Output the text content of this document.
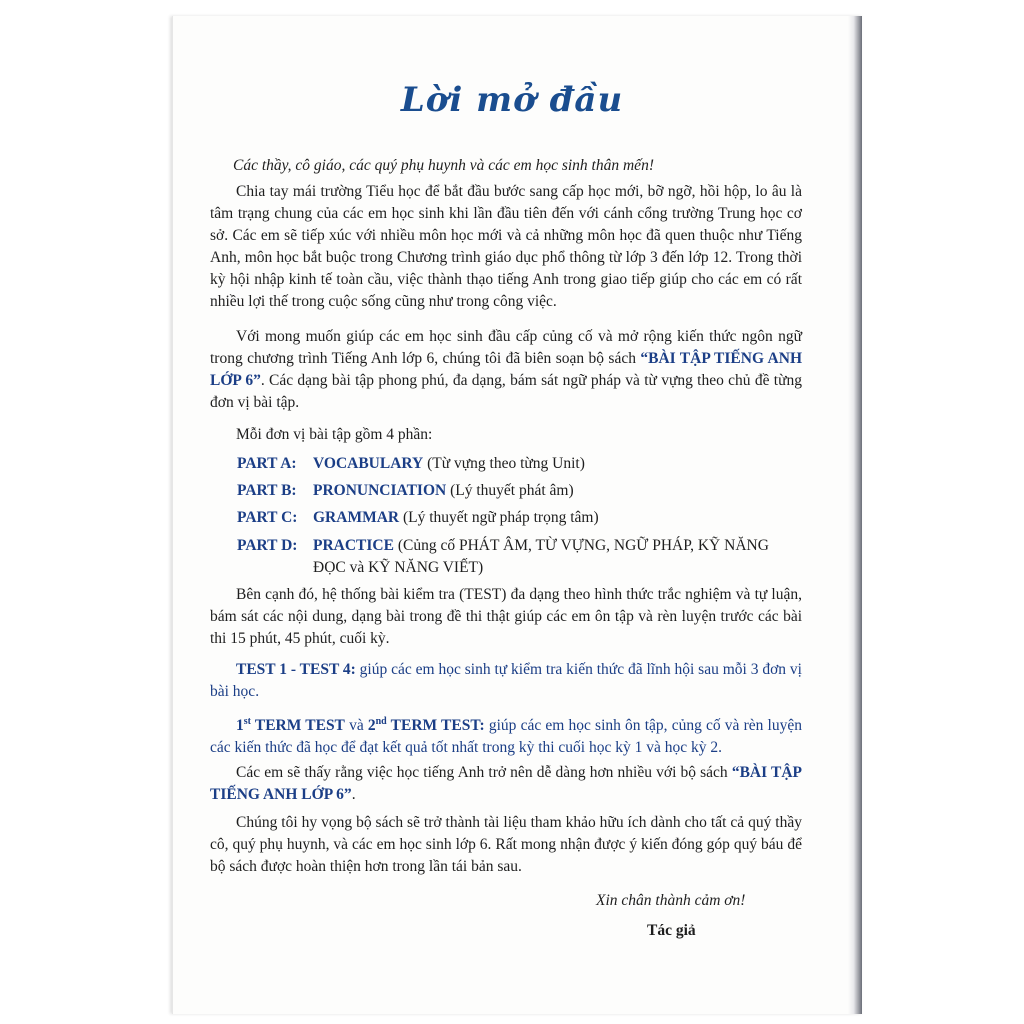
Lời mở đầu
Các thầy, cô giáo, các quý phụ huynh và các em học sinh thân mến!

Chia tay mái trường Tiểu học để bắt đầu bước sang cấp học mới, bỡ ngỡ, hồi hộp, lo âu là tâm trạng chung của các em học sinh khi lần đầu tiên đến với cánh cổng trường Trung học cơ sở. Các em sẽ tiếp xúc với nhiều môn học mới và cả những môn học đã quen thuộc như Tiếng Anh, môn học bắt buộc trong Chương trình giáo dục phổ thông từ lớp 3 đến lớp 12. Trong thời kỳ hội nhập kinh tế toàn cầu, việc thành thạo tiếng Anh trong giao tiếp giúp cho các em có rất nhiều lợi thế trong cuộc sống cũng như trong công việc.

Với mong muốn giúp các em học sinh đầu cấp củng cố và mở rộng kiến thức ngôn ngữ trong chương trình Tiếng Anh lớp 6, chúng tôi đã biên soạn bộ sách “BÀI TẬP TIẾNG ANH LỚP 6”. Các dạng bài tập phong phú, đa dạng, bám sát ngữ pháp và từ vựng theo chủ đề từng đơn vị bài tập.

Mỗi đơn vị bài tập gồm 4 phần:
PART A: VOCABULARY (Từ vựng theo từng Unit)
PART B: PRONUNCIATION (Lý thuyết phát âm)
PART C: GRAMMAR (Lý thuyết ngữ pháp trọng tâm)
PART D: PRACTICE (Củng cố PHÁT ÂM, TỪ VỰNG, NGỮ PHÁP, KỸ NĂNG
ĐỌC và KỸ NĂNG VIẾT)

Bên cạnh đó, hệ thống bài kiểm tra (TEST) đa dạng theo hình thức trắc nghiệm và tự luận, bám sát các nội dung, dạng bài trong đề thi thật giúp các em ôn tập và rèn luyện trước các bài thi 15 phút, 45 phút, cuối kỳ.

TEST 1 - TEST 4: giúp các em học sinh tự kiểm tra kiến thức đã lĩnh hội sau mỗi 3 đơn vị bài học.

1st TERM TEST và 2nd TERM TEST: giúp các em học sinh ôn tập, củng cố và rèn luyện các kiến thức đã học để đạt kết quả tốt nhất trong kỳ thi cuối học kỳ 1 và học kỳ 2.

Các em sẽ thấy rằng việc học tiếng Anh trở nên dễ dàng hơn nhiều với bộ sách “BÀI TẬP TIẾNG ANH LỚP 6”.

Chúng tôi hy vọng bộ sách sẽ trở thành tài liệu tham khảo hữu ích dành cho tất cả quý thầy cô, quý phụ huynh, và các em học sinh lớp 6. Rất mong nhận được ý kiến đóng góp quý báu để bộ sách được hoàn thiện hơn trong lần tái bản sau.

Xin chân thành cảm ơn!
Tác giả
